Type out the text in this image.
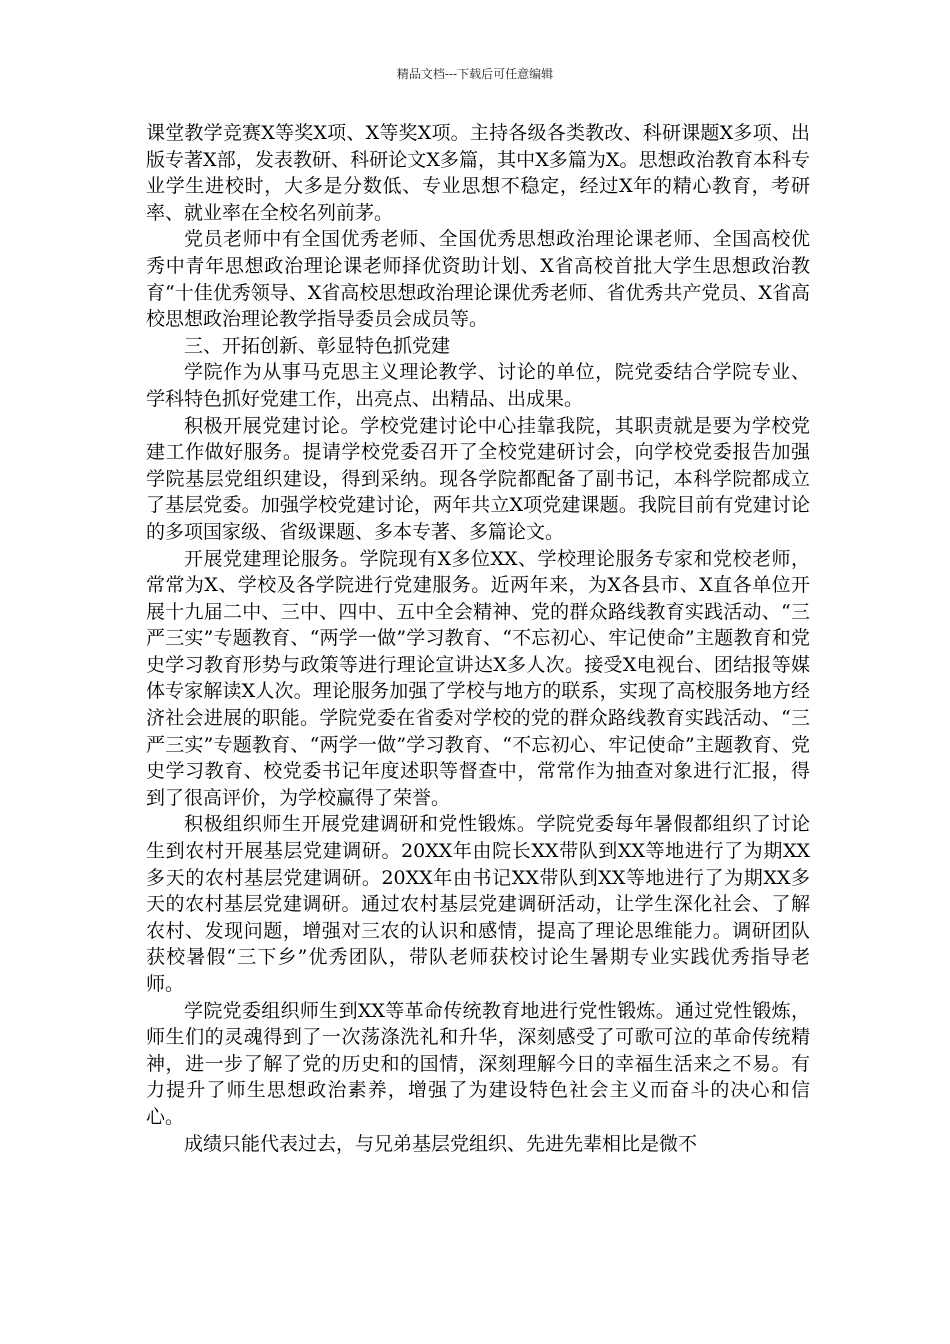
精品文档---下载后可任意编辑

课堂教学竞赛X等奖X项、X等奖X项。主持各级各类教改、科研课题X多项、出版专著X部，发表教研、科研论文X多篇，其中X多篇为X。思想政治教育本科专业学生进校时，大多是分数低、专业思想不稳定，经过X年的精心教育，考研率、就业率在全校名列前茅。

党员老师中有全国优秀老师、全国优秀思想政治理论课老师、全国高校优秀中青年思想政治理论课老师择优资助计划、X省高校首批大学生思想政治教育“十佳优秀领导、X省高校思想政治理论课优秀老师、省优秀共产党员、X省高校思想政治理论教学指导委员会成员等。

三、开拓创新、彰显特色抓党建

学院作为从事马克思主义理论教学、讨论的单位，院党委结合学院专业、学科特色抓好党建工作，出亮点、出精品、出成果。

积极开展党建讨论。学校党建讨论中心挂靠我院，其职责就是要为学校党建工作做好服务。提请学校党委召开了全校党建研讨会，向学校党委报告加强学院基层党组织建设，得到采纳。现各学院都配备了副书记，本科学院都成立了基层党委。加强学校党建讨论，两年共立X项党建课题。我院目前有党建讨论的多项国家级、省级课题、多本专著、多篇论文。

开展党建理论服务。学院现有X多位XX、学校理论服务专家和党校老师，常常为X、学校及各学院进行党建服务。近两年来，为X各县市、X直各单位开展十九届二中、三中、四中、五中全会精神、党的群众路线教育实践活动、“三严三实”专题教育、“两学一做”学习教育、“不忘初心、牢记使命”主题教育和党史学习教育形势与政策等进行理论宣讲达X多人次。接受X电视台、团结报等媒体专家解读X人次。理论服务加强了学校与地方的联系，实现了高校服务地方经济社会进展的职能。学院党委在省委对学校的党的群众路线教育实践活动、“三严三实”专题教育、“两学一做”学习教育、“不忘初心、牢记使命”主题教育、党史学习教育、校党委书记年度述职等督查中，常常作为抽查对象进行汇报，得到了很高评价，为学校赢得了荣誉。

积极组织师生开展党建调研和党性锻炼。学院党委每年暑假都组织了讨论生到农村开展基层党建调研。20XX年由院长XX带队到XX等地进行了为期XX多天的农村基层党建调研。20XX年由书记XX带队到XX等地进行了为期XX多天的农村基层党建调研。通过农村基层党建调研活动，让学生深化社会、了解农村、发现问题，增强对三农的认识和感情，提高了理论思维能力。调研团队获校暑假“三下乡”优秀团队，带队老师获校讨论生暑期专业实践优秀指导老师。

学院党委组织师生到XX等革命传统教育地进行党性锻炼。通过党性锻炼，师生们的灵魂得到了一次荡涤洗礼和升华，深刻感受了可歌可泣的革命传统精神，进一步了解了党的历史和的国情，深刻理解今日的幸福生活来之不易。有力提升了师生思想政治素养，增强了为建设特色社会主义而奋斗的决心和信心。

成绩只能代表过去，与兄弟基层党组织、先进先辈相比是微不
